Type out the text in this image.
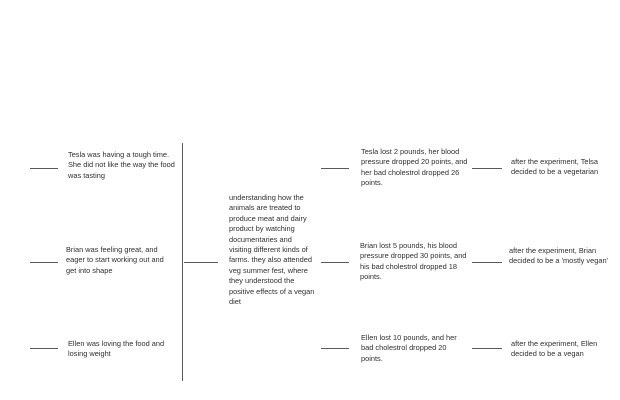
Tesla was having a tough time. She did not like the way the food was tasting
Brian was feeling great, and eager to start working out and get into shape
Ellen was loving the food and losing weight
understanding how the animals are treated to produce meat and dairy product by watching documentaries and visiting different kinds of farms. they also attended veg summer fest, where they understood the positive effects of a vegan diet
Tesla lost 2 pounds, her blood pressure dropped 20 points, and her bad cholestrol dropped 26 points.
Brian lost 5 pounds, his blood pressure dropped 30 points, and his bad cholestrol dropped 18 points.
Ellen lost 10 pounds, and her bad cholestrol dropped 20 points.
after the experiment, Telsa decided to be a vegetarian
after the experiment, Brian decided to be a 'mostly vegan'
after the experiment, Ellen decided to be a vegan
